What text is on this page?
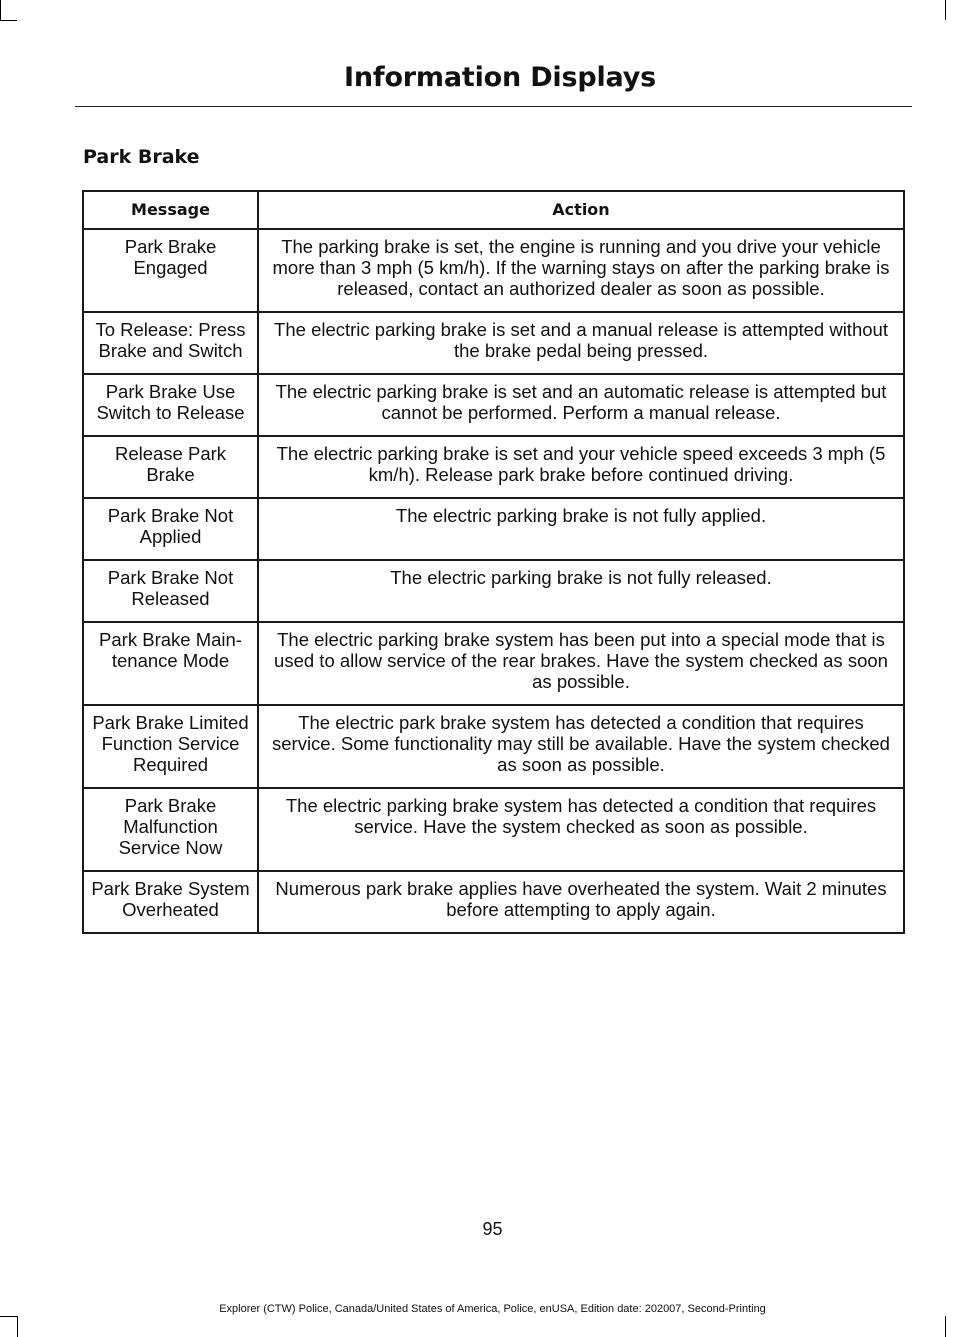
Information Displays
Park Brake
Message	Action
Park Brake Engaged	The parking brake is set, the engine is running and you drive your vehicle more than 3 mph (5 km/h). If the warning stays on after the parking brake is released, contact an authorized dealer as soon as possible.
To Release: Press Brake and Switch	The electric parking brake is set and a manual release is attempted without the brake pedal being pressed.
Park Brake Use Switch to Release	The electric parking brake is set and an automatic release is attempted but cannot be performed. Perform a manual release.
Release Park Brake	The electric parking brake is set and your vehicle speed exceeds 3 mph (5 km/h). Release park brake before continued driving.
Park Brake Not Applied	The electric parking brake is not fully applied.
Park Brake Not Released	The electric parking brake is not fully released.
Park Brake Main-tenance Mode	The electric parking brake system has been put into a special mode that is used to allow service of the rear brakes. Have the system checked as soon as possible.
Park Brake Limited Function Service Required	The electric park brake system has detected a condition that requires service. Some functionality may still be available. Have the system checked as soon as possible.
Park Brake Malfunction Service Now	The electric parking brake system has detected a condition that requires service. Have the system checked as soon as possible.
Park Brake System Overheated	Numerous park brake applies have overheated the system. Wait 2 minutes before attempting to apply again.
95
Explorer (CTW) Police, Canada/United States of America, Police, enUSA, Edition date: 202007, Second-Printing
